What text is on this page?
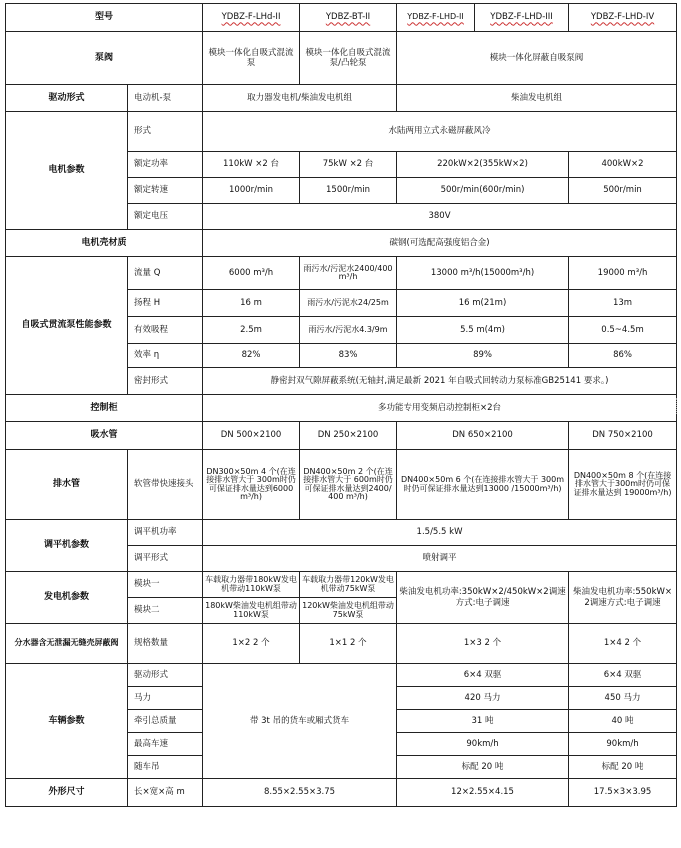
型号		YDBZ-F-LHd-II	YDBZ-BT-II	YDBZ-F-LHD-II	YDBZ-F-LHD-III	YDBZ-F-LHD-IV
泵阀		模块一体化自吸式混流泵	模块一体化自吸式混流泵/凸轮泵	模块一体化屏蔽自吸泵阀		
驱动形式	电动机-泵	取力器发电机/柴油发电机组		柴油发电机组		
电机参数	形式	水陆两用立式永磁屏蔽风冷				
	额定功率	110kW ×2 台	75kW ×2 台	220kW×2(355kW×2)		400kW×2
	额定转速	1000r/min	1500r/min	500r/min(600r/min)		500r/min
	额定电压	380V				
电机壳材质		碳钢(可选配高强度铝合金)				
自吸式贯流泵性能参数	流量 Q	6000 m³/h	雨污水/污泥水2400/400 m³/h	13000 m³/h(15000m³/h)		19000 m³/h
	扬程 H	16 m	雨污水/污泥水24/25m	16 m(21m)		13m
	有效吸程	2.5m	雨污水/污泥水4.3/9m	5.5 m(4m)		0.5~4.5m
	效率 η	82%	83%	89%		86%
	密封形式	静密封双气隙屏蔽系统(无轴封,满足最新 2021 年自吸式回转动力泵标准GB25141 要求。)				
控制柜		多功能专用变频启动控制柜×2台				
吸水管		DN 500×2100	DN 250×2100	DN 650×2100		DN 750×2100
排水管	软管带快速接头	DN300×50m 4 个(在连接排水管大于 300m时仍可保证排水量达到6000m³/h)	DN400×50m 2 个(在连接排水管大于 600m时仍可保证排水量达到2400/400 m³/h)	DN400×50m 6 个(在连接排水管大于 300m时仍可保证排水量达到13000 /15000m³/h)		DN400×50m 8 个(在连接排水管大于300m时仍可保证排水量达到 19000m³/h)
调平机参数	调平机功率	1.5/5.5 kW				
	调平形式	喷射调平				
发电机参数	模块一	车载取力器带180kW发电机带动110kW泵	车载取力器带120kW发电机带动75kW泵	柴油发电机功率:350kW×2/450kW×2调速方式:电子调速		柴油发电机功率:550kW×2调速方式:电子调速
	模块二	180kW柴油发电机组带动110kW泵	120kW柴油发电机组带动75kW泵			
分水器含无泄漏无缝壳屏蔽阀	规格数量	1×2 2 个	1×1 2 个	1×3 2 个		1×4 2 个
车辆参数	驱动形式	带 3t 吊的货车或厢式货车		6×4 双驱		6×4 双驱
	马力			420 马力		450 马力
	牵引总质量			31 吨		40 吨
	最高车速			90km/h		90km/h
	随车吊			标配 20 吨		标配 20 吨
外形尺寸	长×宽×高 m	8.55×2.55×3.75		12×2.55×4.15		17.5×3×3.95
